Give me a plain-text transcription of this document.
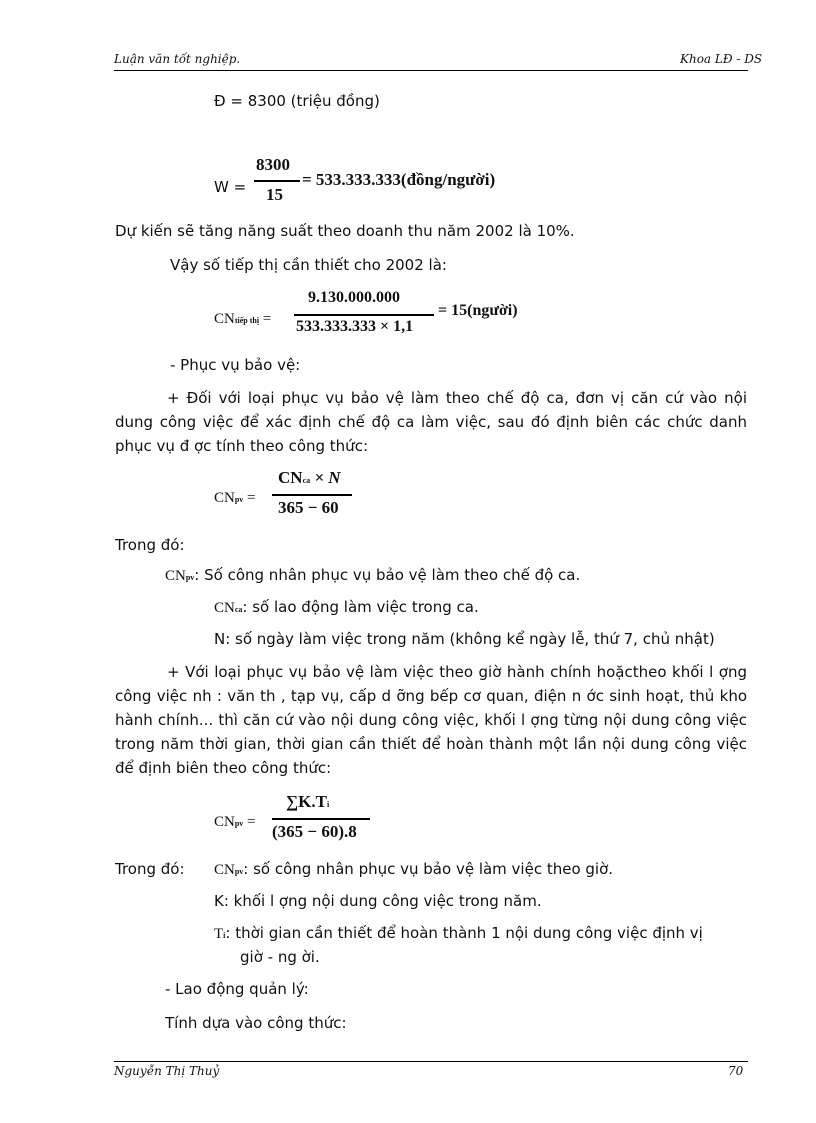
Luận văn tốt nghiệp.	Khoa LĐ - DS
Đ = 8300 (triệu đồng)
W =
8300
15
= 533.333.333(đồng/người)
Dự kiến sẽ tăng năng suất theo doanh thu năm 2002 là 10%.
Vậy số tiếp thị cần thiết cho 2002 là:
CNtiếp thị =
9.130.000.000
533.333.333 × 1,1
= 15(người)
- Phục vụ bảo vệ:
+ Đối với loại phục vụ bảo vệ làm theo chế độ ca, đơn vị căn cứ vào nội dung công việc để xác định chế độ ca làm việc, sau đó định biên các chức danh phục vụ đ ợc tính theo công thức:
CNpv =
CNca × N
365 − 60
Trong đó:
CNpv: Số công nhân phục vụ bảo vệ làm theo chế độ ca.
CNca: số lao động làm việc trong ca.
N: số ngày làm việc trong năm (không kể ngày lễ, thứ 7, chủ nhật)
+ Với loại phục vụ bảo vệ làm việc theo giờ hành chính hoặctheo khối l ợng công việc nh : văn th , tạp vụ, cấp d ỡng bếp cơ quan, điện n ớc sinh hoạt, thủ kho hành chính... thì căn cứ vào nội dung công việc, khối l ợng từng nội dung công việc trong năm thời gian, thời gian cần thiết để hoàn thành một lần nội dung công việc để định biên theo công thức:
CNpv =
∑K.Ti
(365 − 60).8
Trong đó: CNpv: số công nhân phục vụ bảo vệ làm việc theo giờ.
K: khối l ợng nội dung công việc trong năm.
Ti: thời gian cần thiết để hoàn thành 1 nội dung công việc định vị
giờ - ng ời.
- Lao động quản lý:
Tính dựa vào công thức:
Nguyễn Thị Thuỷ	70
